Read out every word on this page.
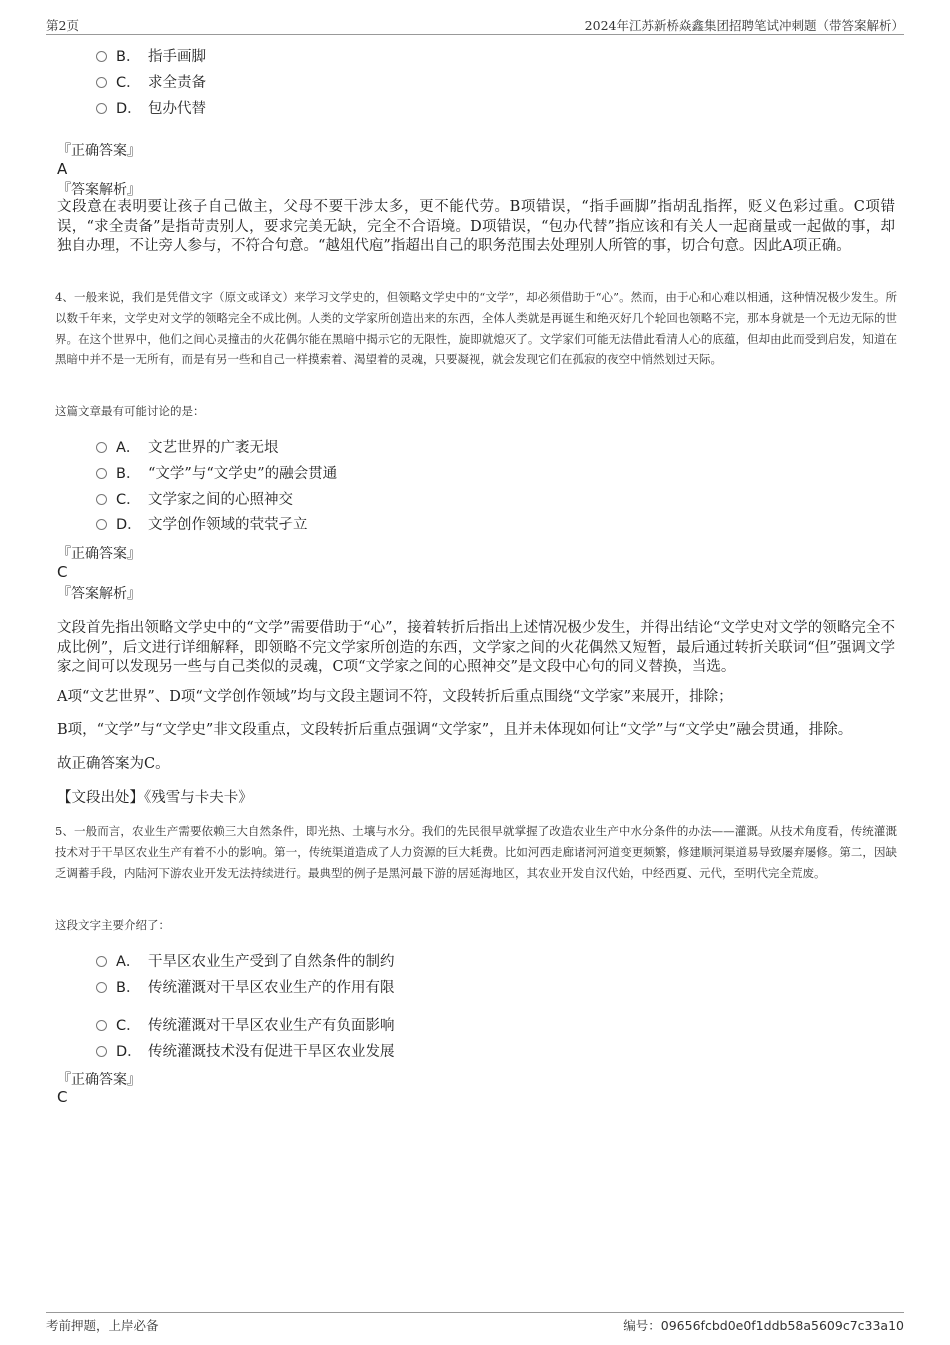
第2页	2024年江苏新桥焱鑫集团招聘笔试冲刺题（带答案解析）
B． 指手画脚
C． 求全责备
D． 包办代替
『正确答案』
A
『答案解析』
文段意在表明要让孩子自己做主，父母不要干涉太多，更不能代劳。B项错误，“指手画脚”指胡乱指挥，贬义色彩过重。C项错误，“求全责备”是指苛责别人，要求完美无缺，完全不合语境。D项错误，“包办代替”指应该和有关人一起商量或一起做的事，却独自办理，不让旁人参与，不符合句意。“越俎代庖”指超出自己的职务范围去处理别人所管的事，切合句意。因此A项正确。
4、一般来说，我们是凭借文字（原文或译文）来学习文学史的，但领略文学史中的“文学”，却必须借助于“心”。然而，由于心和心难以相通，这种情况极少发生。所以数千年来，文学史对文学的领略完全不成比例。人类的文学家所创造出来的东西，全体人类就是再诞生和绝灭好几个轮回也领略不完，那本身就是一个无边无际的世界。在这个世界中，他们之间心灵撞击的火花偶尔能在黑暗中揭示它的无限性，旋即就熄灭了。文学家们可能无法借此看清人心的底蕴，但却由此而受到启发，知道在黑暗中并不是一无所有，而是有另一些和自己一样摸索着、渴望着的灵魂，只要凝视，就会发现它们在孤寂的夜空中悄然划过天际。
这篇文章最有可能讨论的是：
A． 文艺世界的广袤无垠
B． “文学”与“文学史”的融会贯通
C． 文学家之间的心照神交
D． 文学创作领域的茕茕孑立
『正确答案』
C
『答案解析』
文段首先指出领略文学史中的“文学”需要借助于“心”，接着转折后指出上述情况极少发生，并得出结论“文学史对文学的领略完全不成比例”，后文进行详细解释，即领略不完文学家所创造的东西，文学家之间的火花偶然又短暂，最后通过转折关联词“但”强调文学家之间可以发现另一些与自己类似的灵魂，C项“文学家之间的心照神交”是文段中心句的同义替换，当选。
A项“文艺世界”、D项“文学创作领域”均与文段主题词不符，文段转折后重点围绕“文学家”来展开，排除；
B项，“文学”与“文学史”非文段重点，文段转折后重点强调“文学家”，且并未体现如何让“文学”与“文学史”融会贯通，排除。
故正确答案为C。
【文段出处】《残雪与卡夫卡》
5、一般而言，农业生产需要依赖三大自然条件，即光热、土壤与水分。我们的先民很早就掌握了改造农业生产中水分条件的办法——灌溉。从技术角度看，传统灌溉技术对于干旱区农业生产有着不小的影响。第一，传统渠道造成了人力资源的巨大耗费。比如河西走廊诸河河道变更频繁，修建顺河渠道易导致屡弃屡修。第二，因缺乏调蓄手段，内陆河下游农业开发无法持续进行。最典型的例子是黑河最下游的居延海地区，其农业开发自汉代始，中经西夏、元代，至明代完全荒废。
这段文字主要介绍了：
A． 干旱区农业生产受到了自然条件的制约
B． 传统灌溉对干旱区农业生产的作用有限
C． 传统灌溉对干旱区农业生产有负面影响
D． 传统灌溉技术没有促进干旱区农业发展
『正确答案』
C
考前押题，上岸必备	编号：09656fcbd0e0f1ddb58a5609c7c33a10
